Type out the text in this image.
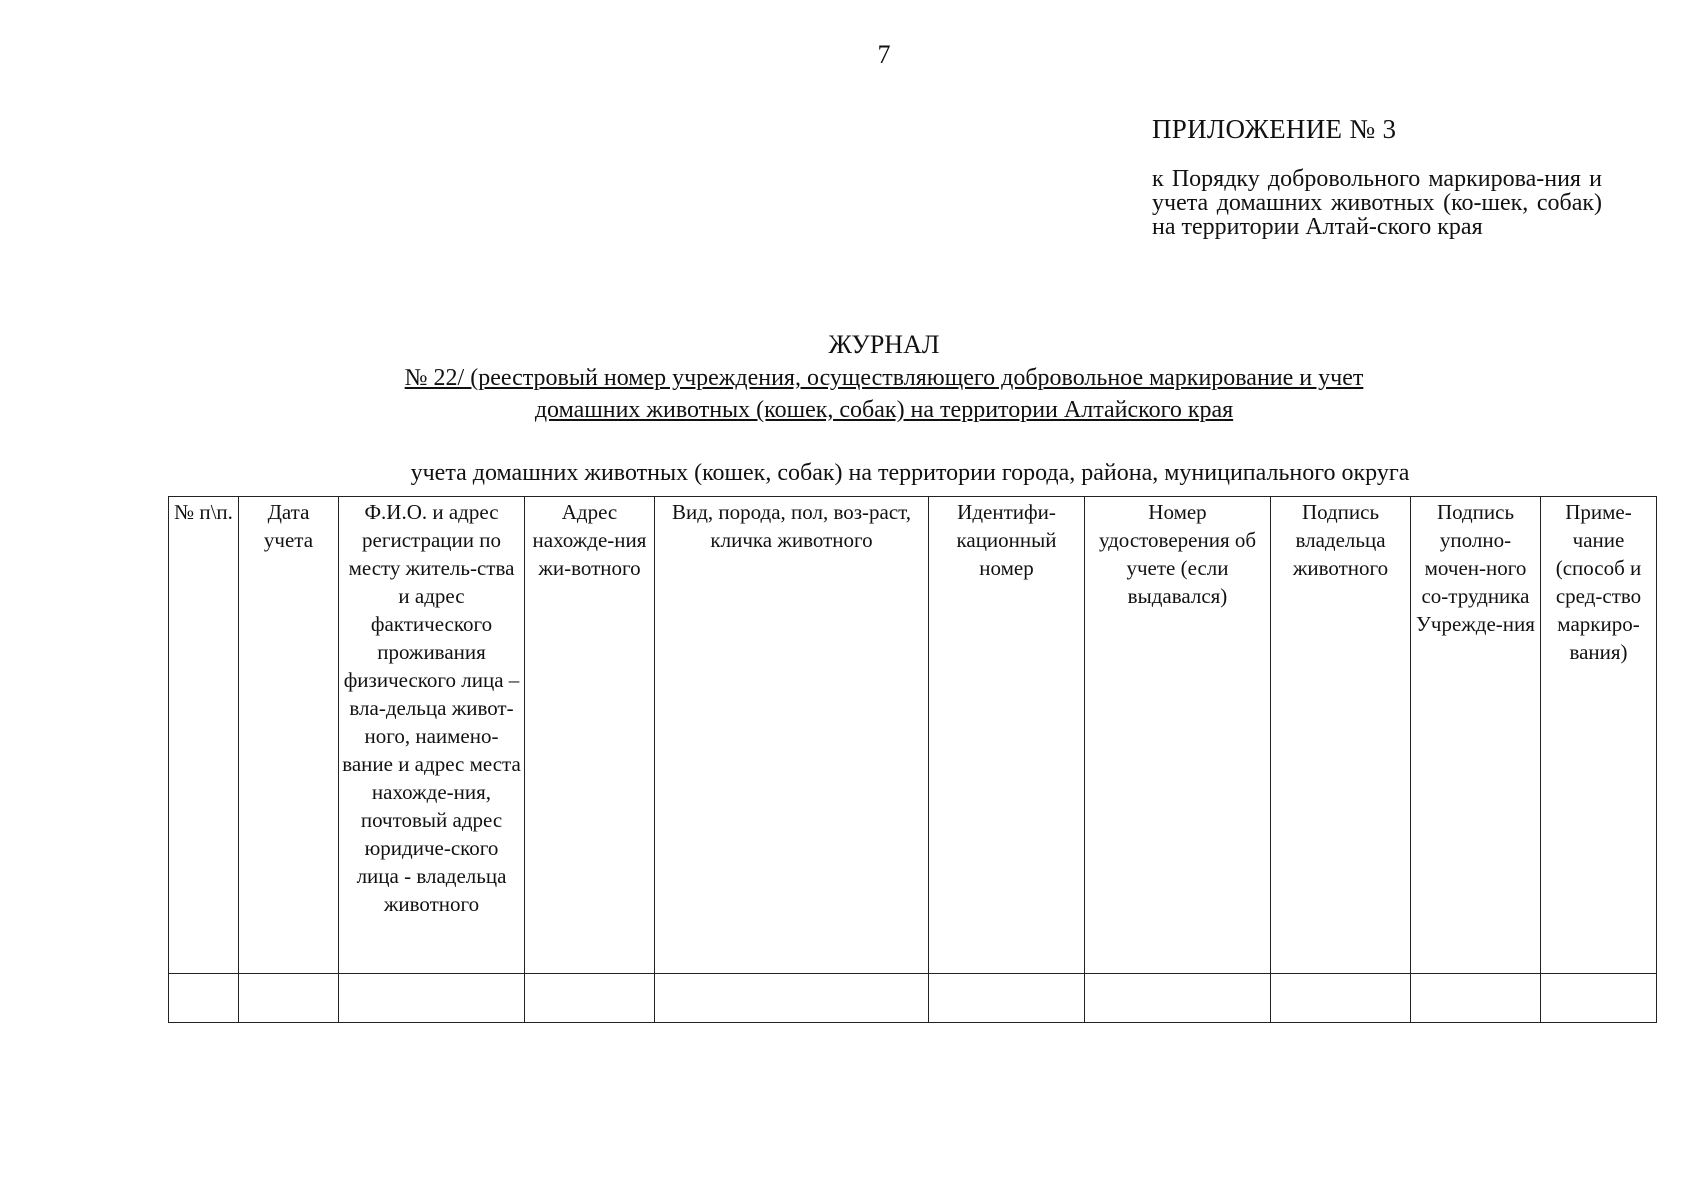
7
ПРИЛОЖЕНИЕ № 3
к Порядку добровольного маркирова-ния и учета домашних животных (ко-шек, собак) на территории Алтай-ского края
ЖУРНАЛ
№ 22/ (реестровый номер учреждения, осуществляющего добровольное маркирование и учет
домашних животных (кошек, собак) на территории Алтайского края
учета домашних животных (кошек, собак) на территории города, района, муниципального округа
№ п\п.	Дата учета	Ф.И.О. и адрес регистрации по месту житель-ства и адрес фактического проживания физического лица – вла-дельца живот-ного, наимено-вание и адрес места нахожде-ния, почтовый адрес юридиче-ского лица - владельца животного	Адрес нахожде-ния жи-вотного	Вид, порода, пол, воз-раст, кличка животного	Идентифи-кационный номер	Номер удостоверения об учете (если выдавался)	Подпись владельца животного	Подпись уполно-мочен-ного со-трудника Учрежде-ния	Приме-чание (способ и сред-ство маркиро-вания)
